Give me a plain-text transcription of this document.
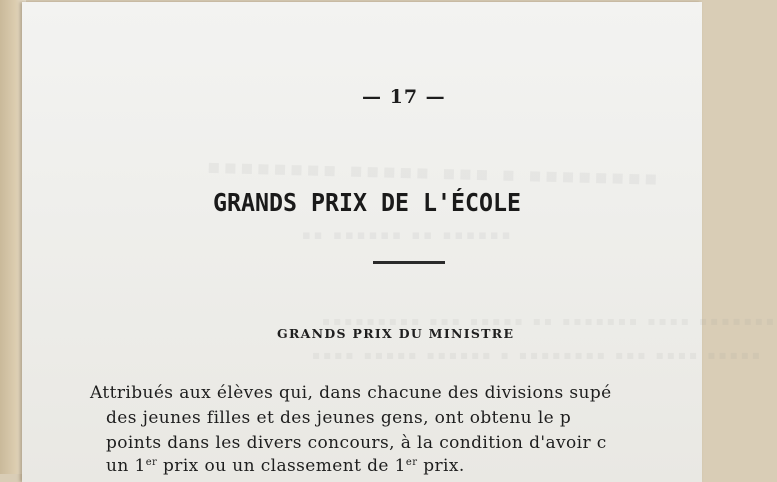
▪▪▪▪▪▪▪▪ ▪▪▪▪▪ ▪▪▪ ▪ ▪▪▪▪▪▪▪▪
▪▪ ▪▪▪▪▪▪ ▪▪ ▪▪▪▪▪▪
▪▪▪▪▪▪▪▪▪ ▪▪▪ ▪▪▪▪▪ ▪▪ ▪▪▪▪▪▪▪ ▪▪▪▪ ▪▪▪▪▪▪▪
▪▪▪▪ ▪▪▪▪▪ ▪▪▪▪▪▪ ▪ ▪▪▪▪▪▪▪▪ ▪▪▪ ▪▪▪▪ ▪▪▪▪▪
— 17 —
GRANDS PRIX DE L'ÉCOLE
GRANDS PRIX DU MINISTRE
Attribués aux élèves qui, dans chacune des divisions supé
des jeunes filles et des jeunes gens, ont obtenu le p
points dans les divers concours, à la condition d'avoir c
un 1er prix ou un classement de 1er prix.
